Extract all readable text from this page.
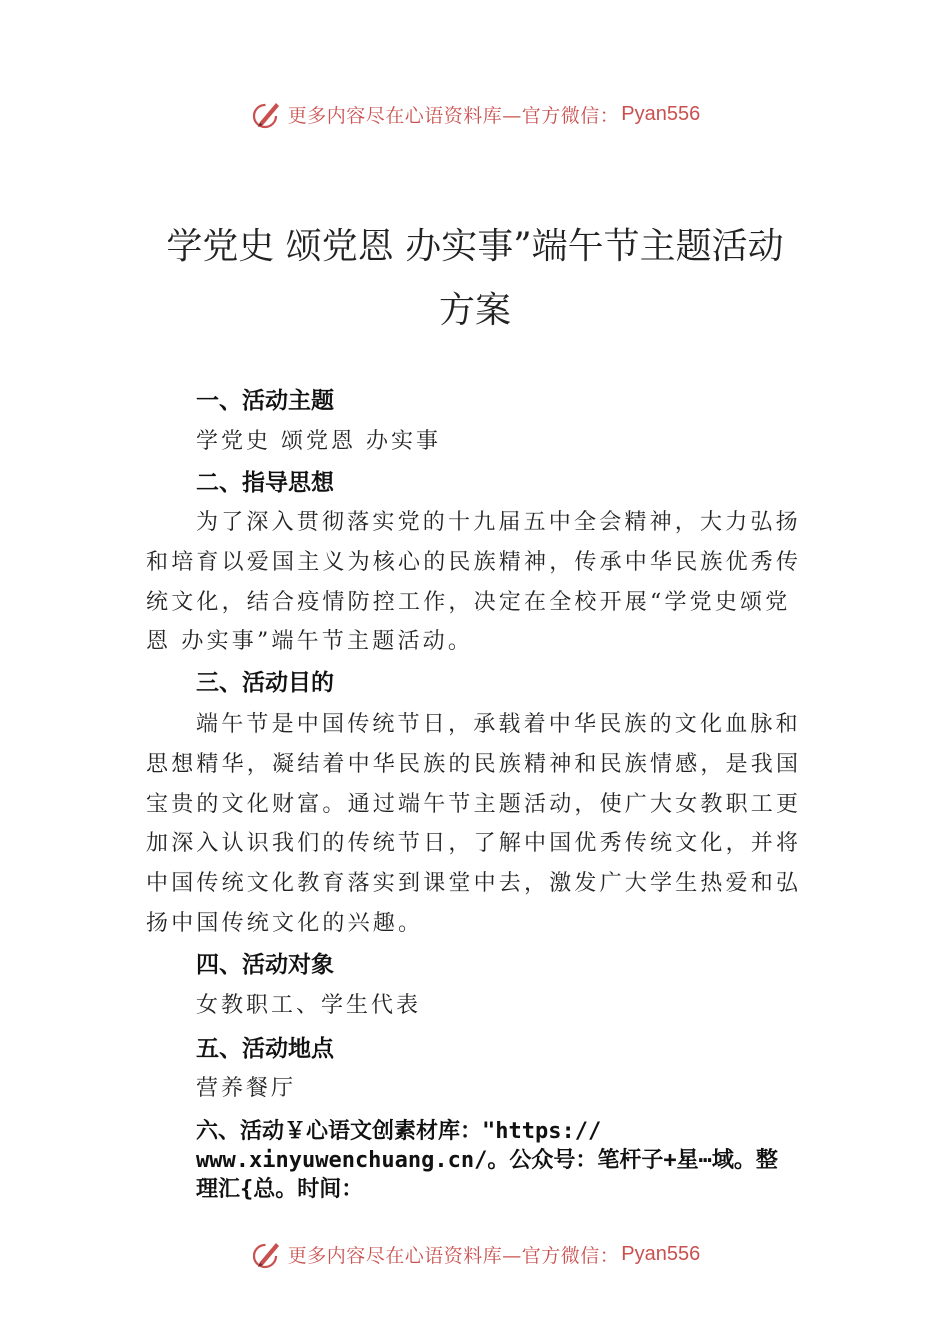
更多内容尽在心语资料库—官方微信： Pyan556
学党史 颂党恩 办实事”端午节主题活动
方案
一、活动主题
学党史 颂党恩 办实事
二、指导思想
为了深入贯彻落实党的十九届五中全会精神，大力弘扬
和培育以爱国主义为核心的民族精神，传承中华民族优秀传
统文化，结合疫情防控工作，决定在全校开展“学党史颂党
恩 办实事”端午节主题活动。
三、活动目的
端午节是中国传统节日，承载着中华民族的文化血脉和
思想精华，凝结着中华民族的民族精神和民族情感，是我国
宝贵的文化财富。通过端午节主题活动，使广大女教职工更
加深入认识我们的传统节日，了解中国优秀传统文化，并将
中国传统文化教育落实到课堂中去，激发广大学生热爱和弘
扬中国传统文化的兴趣。
四、活动对象
女教职工、学生代表
五、活动地点
营养餐厅
六、活动￥心语文创素材库："https://
www.xinyuwenchuang.cn/。公众号：笔杆子+星⋯域。整
理汇{总。时间：
更多内容尽在心语资料库—官方微信： Pyan556
